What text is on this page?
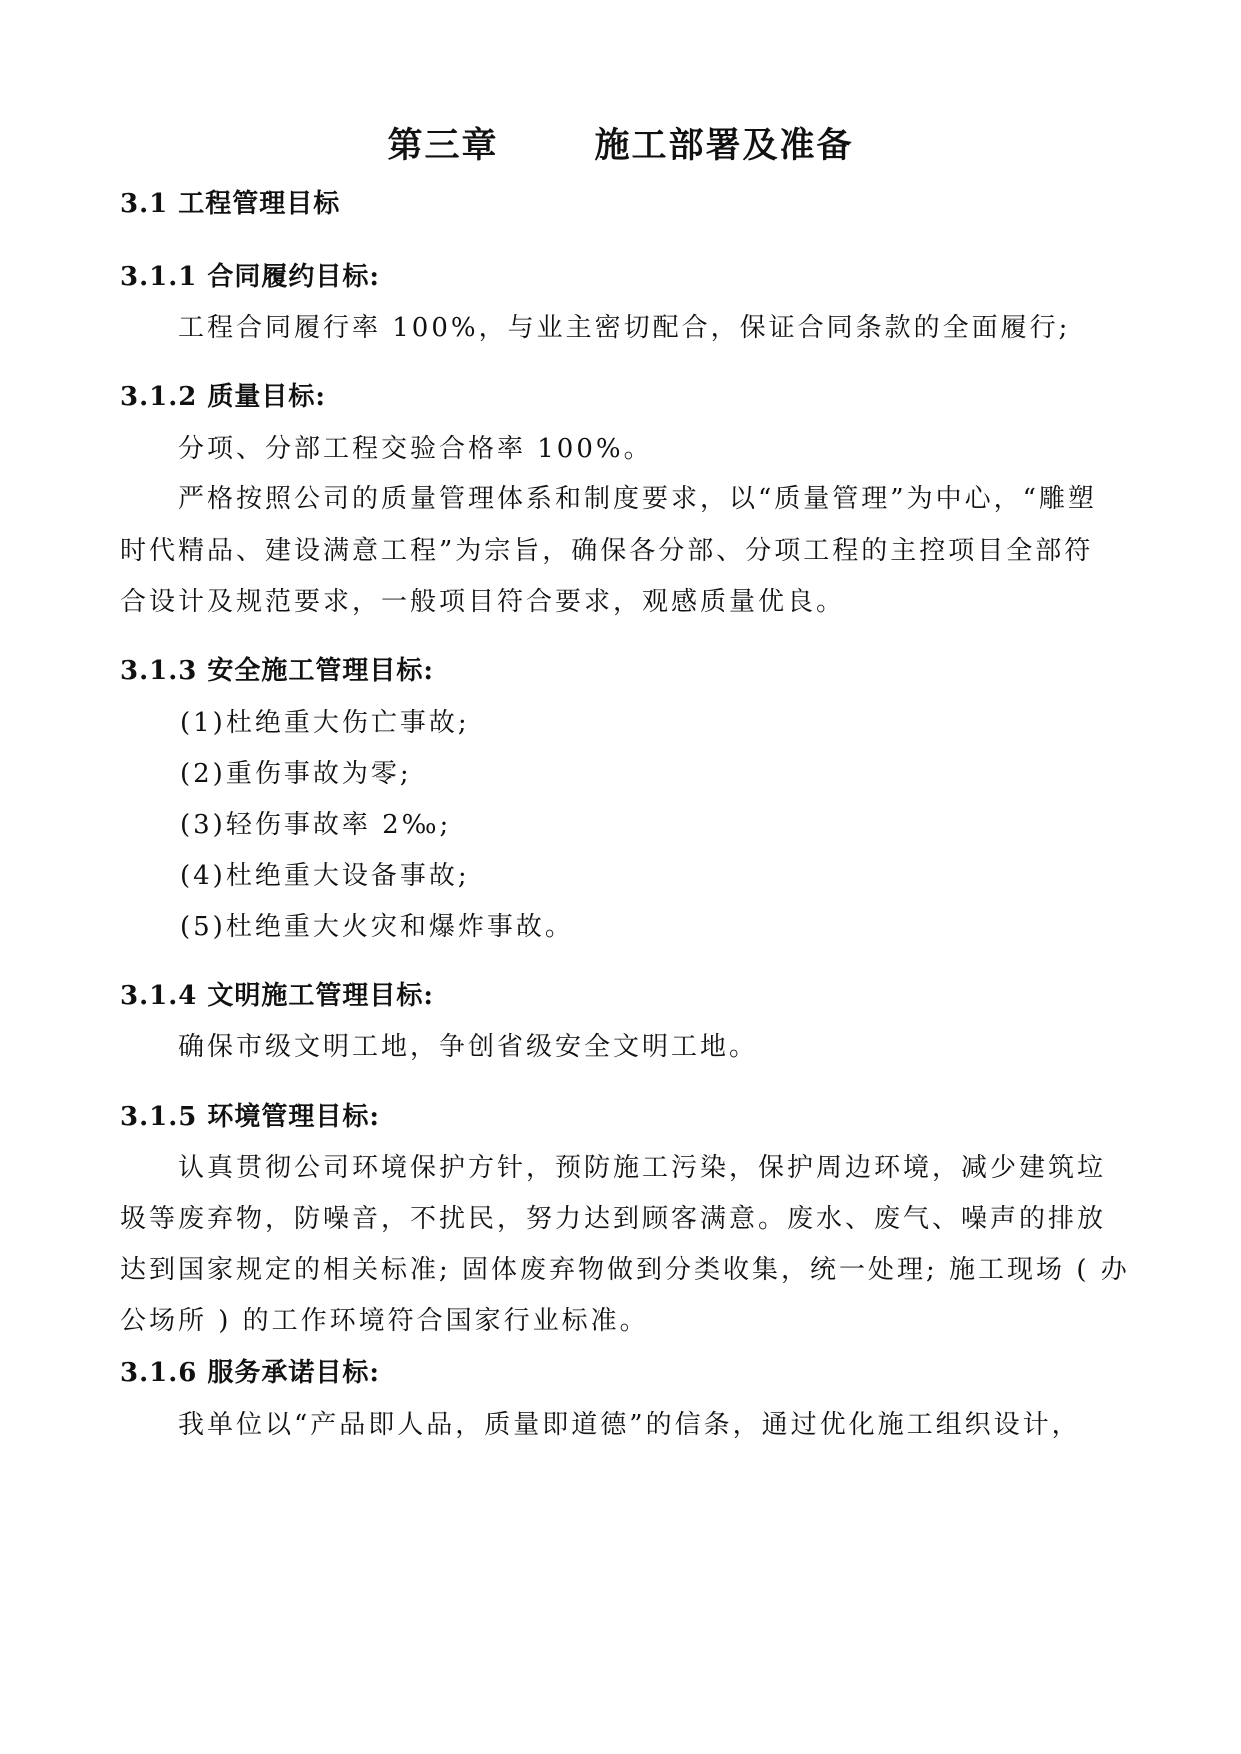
第三章	施工部署及准备
3.1 工程管理目标
3.1.1 合同履约目标:
工程合同履行率 100%，与业主密切配合，保证合同条款的全面履行;
3.1.2 质量目标:
分项、分部工程交验合格率 100%。
严格按照公司的质量管理体系和制度要求，以“质量管理”为中心，“雕塑
时代精品、建设满意工程”为宗旨，确保各分部、分项工程的主控项目全部符
合设计及规范要求，一般项目符合要求，观感质量优良。
3.1.3 安全施工管理目标:
(1)杜绝重大伤亡事故;
(2)重伤事故为零;
(3)轻伤事故率 2‰;
(4)杜绝重大设备事故;
(5)杜绝重大火灾和爆炸事故。
3.1.4 文明施工管理目标:
确保市级文明工地，争创省级安全文明工地。
3.1.5 环境管理目标:
认真贯彻公司环境保护方针，预防施工污染，保护周边环境，减少建筑垃
圾等废弃物，防噪音，不扰民，努力达到顾客满意。废水、废气、噪声的排放
达到国家规定的相关标准; 固体废弃物做到分类收集，统一处理; 施工现场 ( 办
公场所 ) 的工作环境符合国家行业标准。
3.1.6 服务承诺目标:
我单位以“产品即人品，质量即道德”的信条，通过优化施工组织设计，
